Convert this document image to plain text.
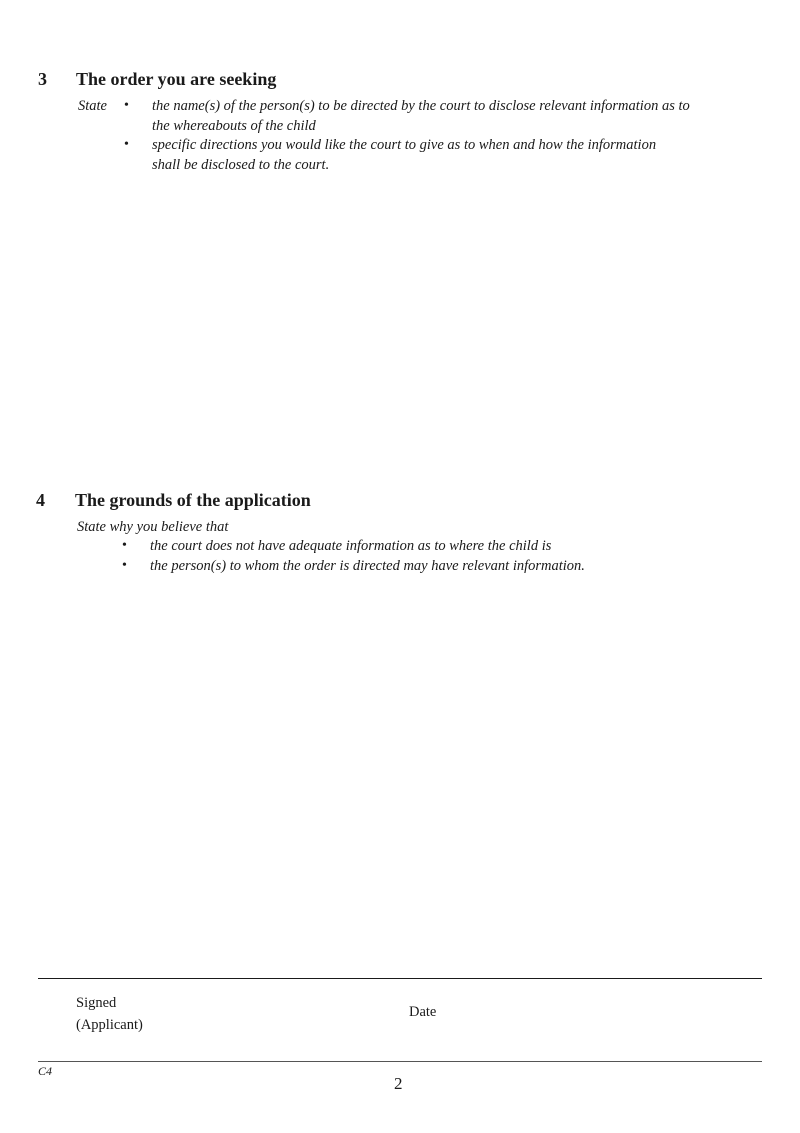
3 The order you are seeking
State • the name(s) of the person(s) to be directed by the court to disclose relevant information as to
the whereabouts of the child
• specific directions you would like the court to give as to when and how the information
shall be disclosed to the court.
4 The grounds of the application
State why you believe that
• the court does not have adequate information as to where the child is
• the person(s) to whom the order is directed may have relevant information.
Signed
(Applicant)
Date
C4
2
